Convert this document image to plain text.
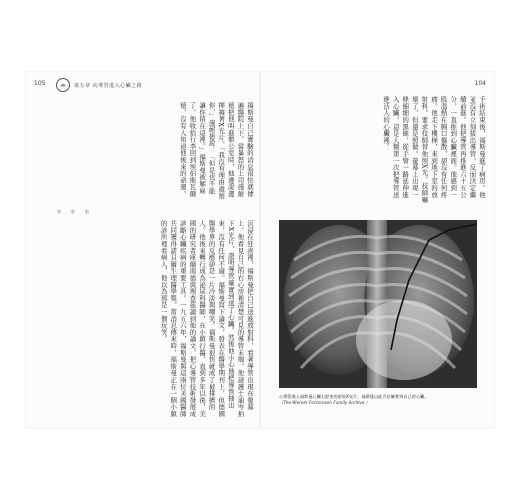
105	第五章 向導管進入心臟之路
福斯曼自己實驗的消息很快就傳遍醫院上下。當暴怒的上司施耐德把他叫進辦公室時，他邊說邊揮舞著X光片。「我沒有理由處罰你，」施耐德說：「但是也不能讓你留在這裡。」福斯曼被解雇了。他收拾行李回到埃伯斯瓦爾德，沒有人知道他後來的命運。
＊ ＊ ＊
沉浸在狂喜裡，福斯曼把自己送進放射科，看著導管出現在螢幕上。他看見自己的右心房裡清楚可見的導管末端。他請護士迪岑拍下X光片，證明導管確實到達了心臟。然後他小心地把導管抽出來，沒有任何不適。福斯曼寫下論文，發表在醫學期刊上，但德國醫學界的反應卻是一片冷淡與嘲笑。福斯曼很快就成了被排擠的人。他後來轉行成為泌尿科醫師，在小鎮行醫。直到多年以後，美國的研究者庫爾南德與理查茲讀到他的論文，把心導管技術發展成診斷心臟疾病的重要工具。一九五六年，福斯曼與這兩位美國醫師共同獲得諾貝爾生理醫學獎。當消息傳來時，福斯曼正在一個小鎮的診所裡看病人，他以為那是一個玩笑。
104
手術結束後，福斯曼進了病房。他並沒有立刻拔出導管，反而決定繼續前進。他把導管再推進六十五公分，一直推到心臟裡面。他感到一股溫熱在胸口擴散，卻沒有任何疼痛。他走下樓梯，來到地下室的放射科，要求技師替他照X光。技師嚇壞了，但還是照做。螢幕上出現一條細細的黑線，從手臂一路延伸進入心臟。這是人類第一次把導管送進活人的心臟裡。
心導管進入福斯曼心臟右腔室的原始X光片。福斯曼以此方法確實到自己的心臟。
（The Werner Forssmann Family Archive.）
